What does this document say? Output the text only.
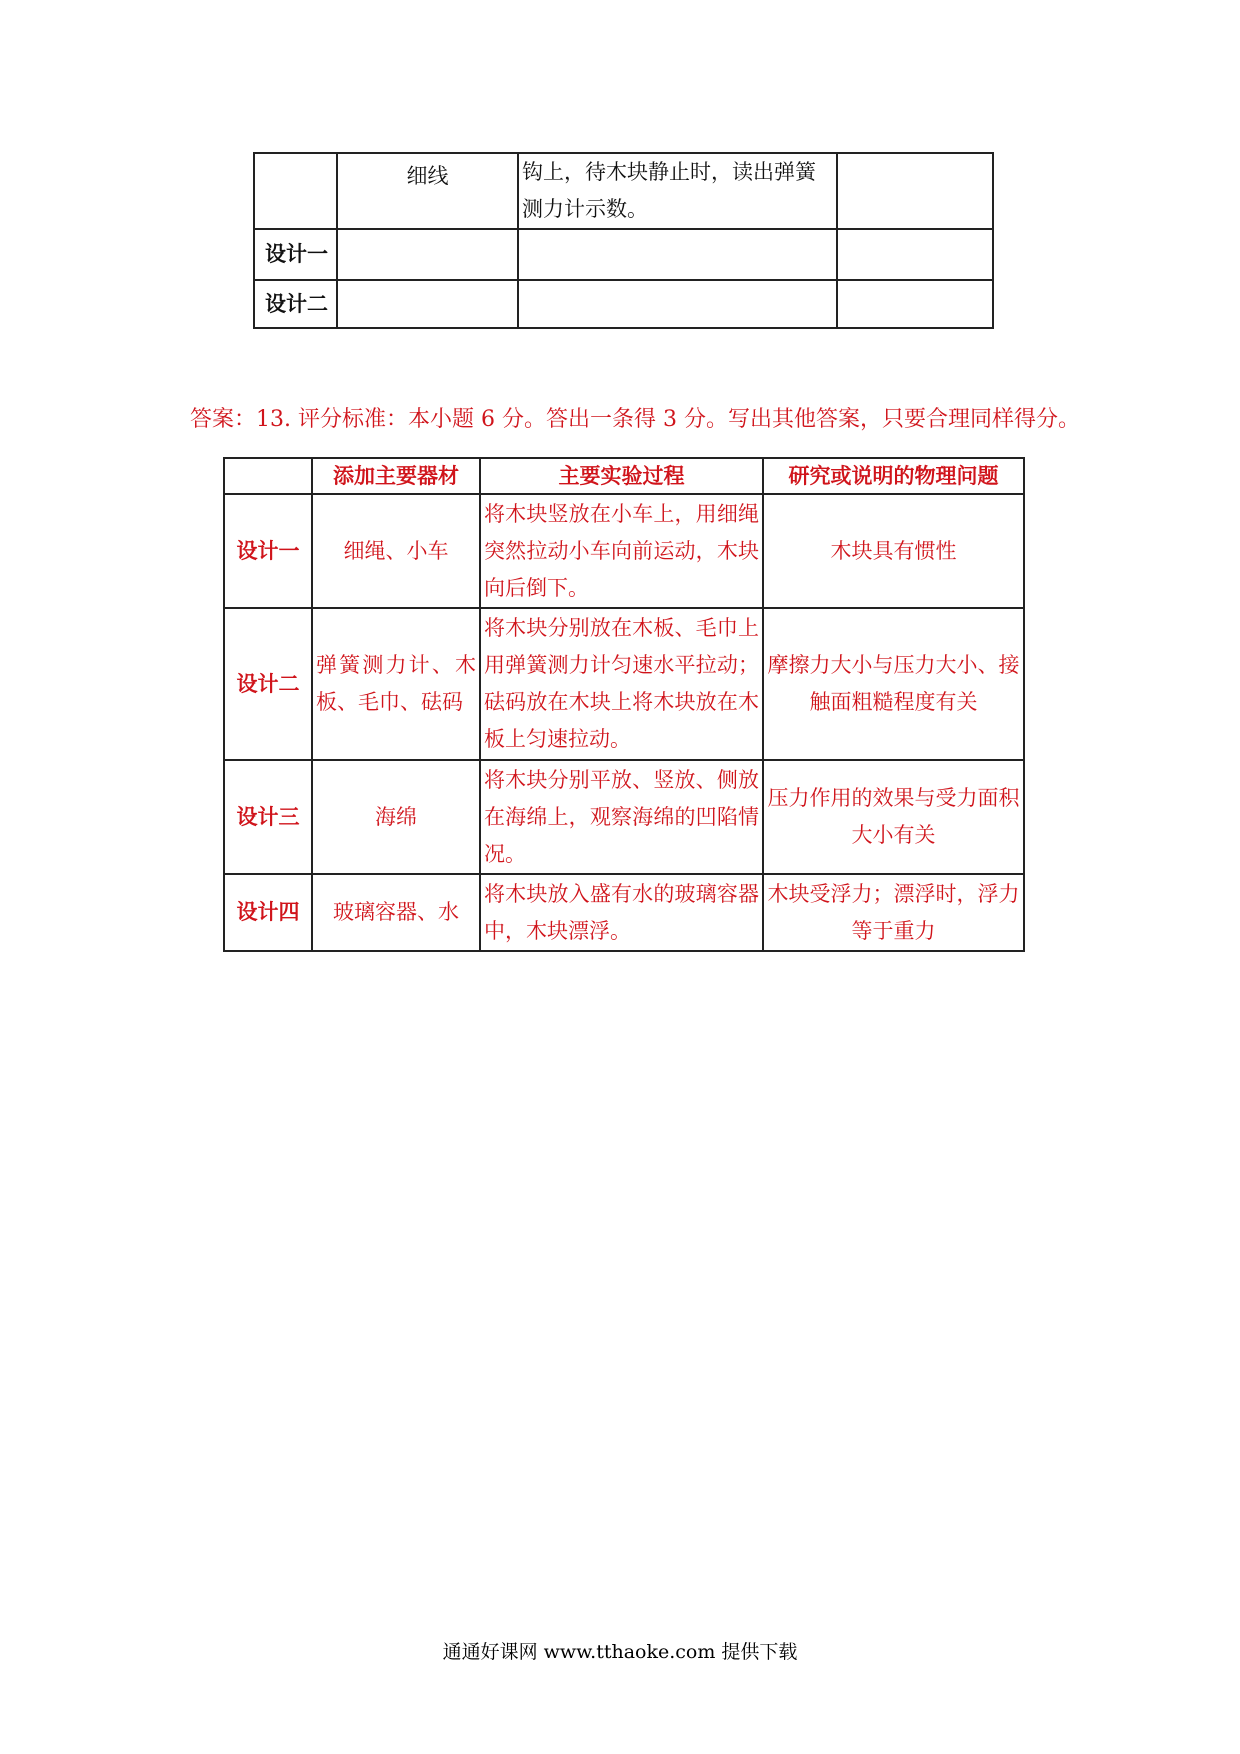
	细线	钩上，待木块静止时，读出弹簧测力计示数。	
设计一			
设计二			
答案：13. 评分标准：本小题 6 分。答出一条得 3 分。写出其他答案，只要合理同样得分。
	添加主要器材	主要实验过程	研究或说明的物理问题
设计一	细绳、小车	将木块竖放在小车上，用细绳突然拉动小车向前运动，木块向后倒下。	木块具有惯性
设计二	弹簧测力计、木板、毛巾、砝码	将木块分别放在木板、毛巾上用弹簧测力计匀速水平拉动；砝码放在木块上将木块放在木板上匀速拉动。	摩擦力大小与压力大小、接触面粗糙程度有关
设计三	海绵	将木块分别平放、竖放、侧放在海绵上，观察海绵的凹陷情况。	压力作用的效果与受力面积大小有关
设计四	玻璃容器、水	将木块放入盛有水的玻璃容器中，木块漂浮。	木块受浮力；漂浮时，浮力等于重力
通通好课网 www.tthaoke.com 提供下载
